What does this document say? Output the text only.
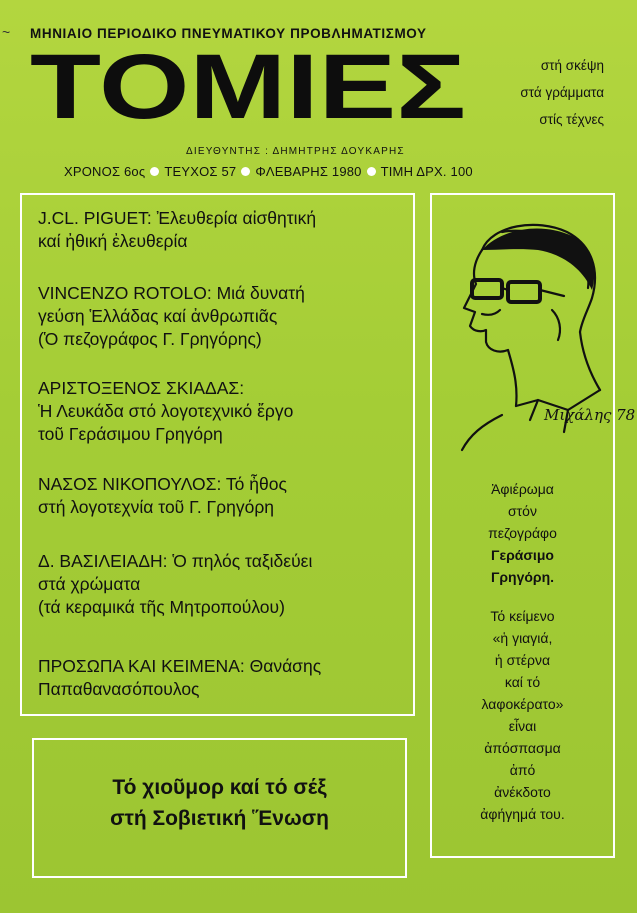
~ ΜΗΝΙΑΙΟ ΠΕΡΙΟΔΙΚΟ ΠΝΕΥΜΑΤΙΚΟΥ ΠΡΟΒΛΗΜΑΤΙΣΜΟΥ
ΤΟΜΙΕΣ	στή σκέψη
στά γράμματα
στίς τέχνες
ΔΙΕΥΘΥΝΤΗΣ : ΔΗΜΗΤΡΗΣ ΔΟΥΚΑΡΗΣ
ΧΡΟΝΟΣ 6ος ΤΕΥΧΟΣ 57 ΦΛΕΒΑΡΗΣ 1980 ΤΙΜΗ ΔΡΧ. 100
J.CL. PIGUET: Ἐλευθερία αἰσθητική
καί ἠθική ἐλευθερία
VINCENZO ROTOLO: Μιά δυνατή
γεύση Ἑλλάδας καί ἀνθρωπιᾶς
(Ὁ πεζογράφος Γ. Γρηγόρης)
ΑΡΙΣΤΟΞΕΝΟΣ ΣΚΙΑΔΑΣ:
Ἡ Λευκάδα στό λογοτεχνικό ἔργο
τοῦ Γεράσιμου Γρηγόρη
ΝΑΣΟΣ ΝΙΚΟΠΟΥΛΟΣ: Τό ἦθος
στή λογοτεχνία τοῦ Γ. Γρηγόρη
Δ. ΒΑΣΙΛΕΙΑΔΗ: Ὁ πηλός ταξιδεύει
στά χρώματα
(τά κεραμικά τῆς Μητροπούλου)
ΠΡΟΣΩΠΑ ΚΑΙ ΚΕΙΜΕΝΑ: Θανάσης
Παπαθανασόπουλος
Μιχάλης 78
Ἀφιέρωμα
στόν
πεζογράφο
Γεράσιμο
Γρηγόρη.
Τό κείμενο
«ἡ γιαγιά,
ἡ στέρνα
καί τό
λαφοκέρατο»
εἶναι
ἀπόσπασμα
ἀπό
ἀνέκδοτο
ἀφήγημά του.
Τό χιοῦμορ καί τό σέξ
στή Σοβιετική Ἕνωση
